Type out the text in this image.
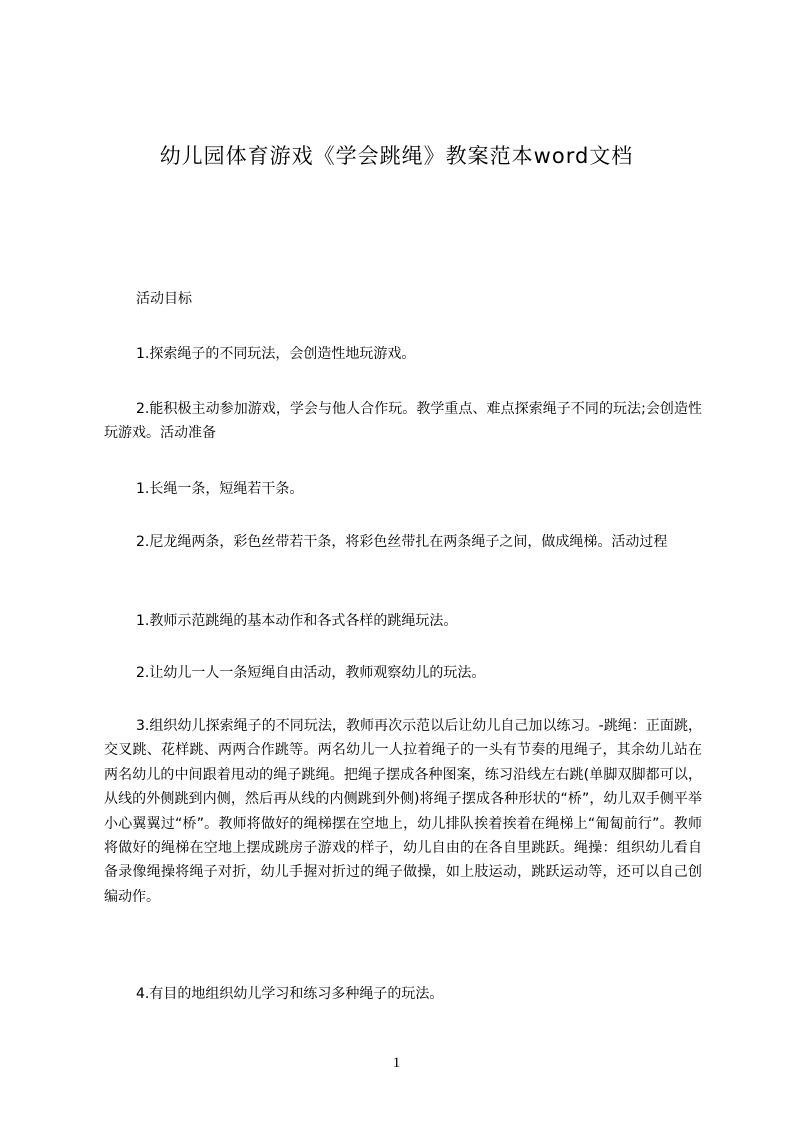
幼儿园体育游戏《学会跳绳》教案范本word文档
活动目标
1.探索绳子的不同玩法，会创造性地玩游戏。
2.能积极主动参加游戏，学会与他人合作玩。教学重点、难点探索绳子不同的玩法;会创造性玩游戏。活动准备
1.长绳一条，短绳若干条。
2.尼龙绳两条，彩色丝带若干条，将彩色丝带扎在两条绳子之间，做成绳梯。活动过程
1.教师示范跳绳的基本动作和各式各样的跳绳玩法。
2.让幼儿一人一条短绳自由活动，教师观察幼儿的玩法。
3.组织幼儿探索绳子的不同玩法，教师再次示范以后让幼儿自己加以练习。-跳绳：正面跳，交叉跳、花样跳、两两合作跳等。两名幼儿一人拉着绳子的一头有节奏的甩绳子，其余幼儿站在两名幼儿的中间跟着甩动的绳子跳绳。把绳子摆成各种图案，练习沿线左右跳(单脚双脚都可以，从线的外侧跳到内侧，然后再从线的内侧跳到外侧)将绳子摆成各种形状的“桥”，幼儿双手侧平举小心翼翼过“桥”。教师将做好的绳梯摆在空地上，幼儿排队挨着挨着在绳梯上“匍匐前行”。教师将做好的绳梯在空地上摆成跳房子游戏的样子，幼儿自由的在各自里跳跃。绳操：组织幼儿看自备录像绳操将绳子对折，幼儿手握对折过的绳子做操，如上肢运动，跳跃运动等，还可以自己创编动作。
4.有目的地组织幼儿学习和练习多种绳子的玩法。
1
